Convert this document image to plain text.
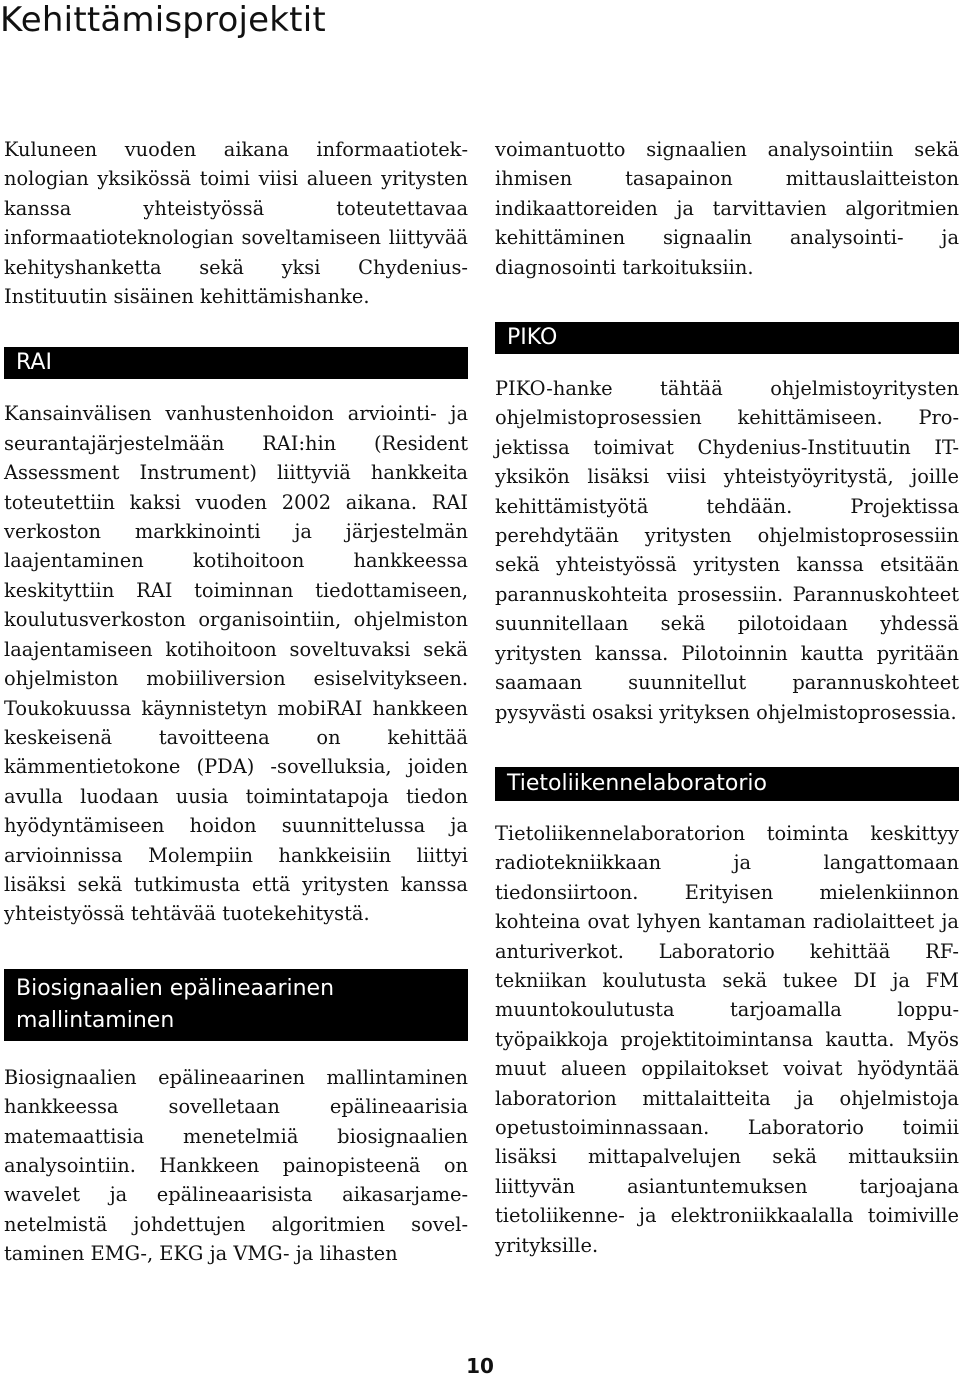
Kehittämisprojektit

Kuluneen vuoden aikana informaatioteknologian yksikössä toimi viisi alueen yritysten kanssa yhteistyössä toteutettavaa informaatioteknologian soveltamiseen liittyvää kehityshanketta sekä yksi Chydenius-Instituutin sisäinen kehittämishanke.

RAI

Kansainvälisen vanhustenhoidon arviointi- ja seurantajärjestelmään RAI:hin (Resident Assessment Instrument) liittyviä hankkeita toteutettiin kaksi vuoden 2002 aikana. RAI verkoston markkinointi ja järjestelmän laajentaminen kotihoitoon hankkeessa keskityttiin RAI toiminnan tiedottamiseen, koulutusverkoston organisointiin, ohjelmiston laajentamiseen kotihoitoon soveltuvaksi sekä ohjelmiston mobiiliversion esiselvitykseen. Toukokuussa käynnistetyn mobiRAI hankkeen keskeisenä tavoitteena on kehittää kämmentietokone (PDA) -sovelluksia, joiden avulla luodaan uusia toimintatapoja tiedon hyödyntämiseen hoidon suunnittelussa ja arvioinnissa Molempiin hankkeisiin liittyi lisäksi sekä tutkimusta että yritysten kanssa yhteistyössä tehtävää tuotekehitystä.

Biosignaalien epälineaarinen mallintaminen

Biosignaalien epälineaarinen mallintaminen hankkeessa sovelletaan epälineaarisia matemaattisia menetelmiä biosignaalien analysointiin. Hankkeen painopisteenä on wavelet ja epälineaarisista aikasarjamenetelmistä johdettujen algoritmien soveltaminen EMG-, EKG ja VMG- ja lihasten

voimantuotto signaalien analysointiin sekä ihmisen tasapainon mittauslaitteiston indikaattoreiden ja tarvittavien algoritmien kehittäminen signaalin analysointi- ja diagnosointi tarkoituksiin.

PIKO

PIKO-hanke tähtää ohjelmistoyritysten ohjelmistoprosessien kehittämiseen. Projektissa toimivat Chydenius-Instituutin IT-yksikön lisäksi viisi yhteistyöyritystä, joille kehittämistyötä tehdään. Projektissa perehdytään yritysten ohjelmistoprosessiin sekä yhteistyössä yritysten kanssa etsitään parannuskohteita prosessiin. Parannuskohteet suunnitellaan sekä pilotoidaan yhdessä yritysten kanssa. Pilotoinnin kautta pyritään saamaan suunnitellut parannuskohteet pysyvästi osaksi yrityksen ohjelmistoprosessia.

Tietoliikennelaboratorio

Tietoliikennelaboratorion toiminta keskittyy radiotekniikkaan ja langattomaan tiedonsiirtoon. Erityisen mielenkiinnon kohteina ovat lyhyen kantaman radiolaitteet ja anturiverkot. Laboratorio kehittää RF-tekniikan koulutusta sekä tukee DI ja FM muuntokoulutusta tarjoamalla lopputyöpaikkoja projektitoimintansa kautta. Myös muut alueen oppilaitokset voivat hyödyntää laboratorion mittalaitteita ja ohjelmistoja opetustoiminnassaan. Laboratorio toimii lisäksi mittapalvelujen sekä mittauksiin liittyvän asiantuntemuksen tarjoajana tietoliikenne- ja elektroniikkaalalla toimiville yrityksille.

10
